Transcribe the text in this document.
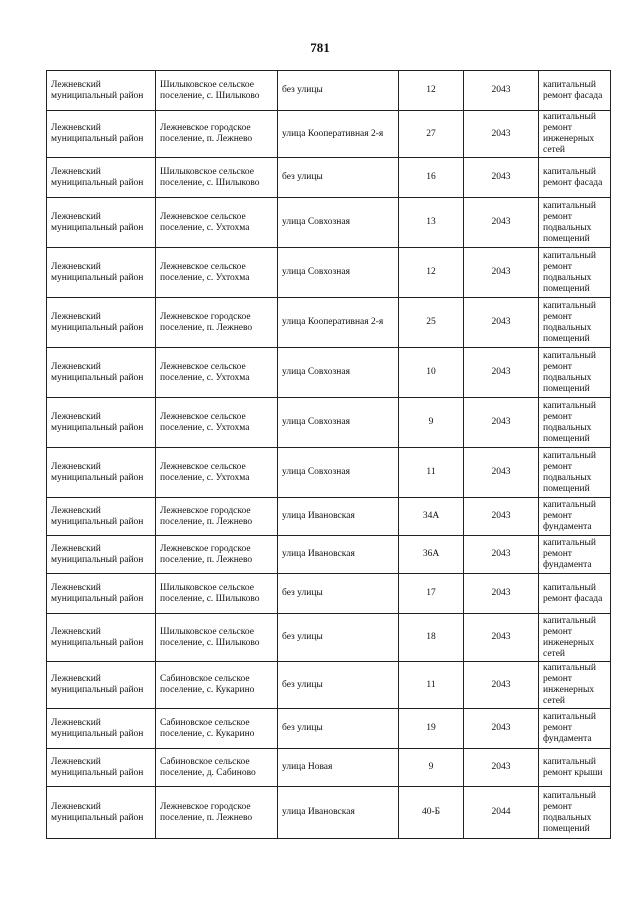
781
Лежневский муниципальный район	Шилыковское сельское поселение, с. Шилыково	без улицы	12	2043	капитальный ремонт фасада
Лежневский муниципальный район	Лежневское городское поселение, п. Лежнево	улица Кооперативная 2-я	27	2043	капитальный ремонт инженерных сетей
Лежневский муниципальный район	Шилыковское сельское поселение, с. Шилыково	без улицы	16	2043	капитальный ремонт фасада
Лежневский муниципальный район	Лежневское сельское поселение, с. Ухтохма	улица Совхозная	13	2043	капитальный ремонт подвальных помещений
Лежневский муниципальный район	Лежневское сельское поселение, с. Ухтохма	улица Совхозная	12	2043	капитальный ремонт подвальных помещений
Лежневский муниципальный район	Лежневское городское поселение, п. Лежнево	улица Кооперативная 2-я	25	2043	капитальный ремонт подвальных помещений
Лежневский муниципальный район	Лежневское сельское поселение, с. Ухтохма	улица Совхозная	10	2043	капитальный ремонт подвальных помещений
Лежневский муниципальный район	Лежневское сельское поселение, с. Ухтохма	улица Совхозная	9	2043	капитальный ремонт подвальных помещений
Лежневский муниципальный район	Лежневское сельское поселение, с. Ухтохма	улица Совхозная	11	2043	капитальный ремонт подвальных помещений
Лежневский муниципальный район	Лежневское городское поселение, п. Лежнево	улица Ивановская	34А	2043	капитальный ремонт фундамента
Лежневский муниципальный район	Лежневское городское поселение, п. Лежнево	улица Ивановская	36А	2043	капитальный ремонт фундамента
Лежневский муниципальный район	Шилыковское сельское поселение, с. Шилыково	без улицы	17	2043	капитальный ремонт фасада
Лежневский муниципальный район	Шилыковское сельское поселение, с. Шилыково	без улицы	18	2043	капитальный ремонт инженерных сетей
Лежневский муниципальный район	Сабиновское сельское поселение, с. Кукарино	без улицы	11	2043	капитальный ремонт инженерных сетей
Лежневский муниципальный район	Сабиновское сельское поселение, с. Кукарино	без улицы	19	2043	капитальный ремонт фундамента
Лежневский муниципальный район	Сабиновское сельское поселение, д. Сабиново	улица Новая	9	2043	капитальный ремонт крыши
Лежневский муниципальный район	Лежневское городское поселение, п. Лежнево	улица Ивановская	40-Б	2044	капитальный ремонт подвальных помещений
